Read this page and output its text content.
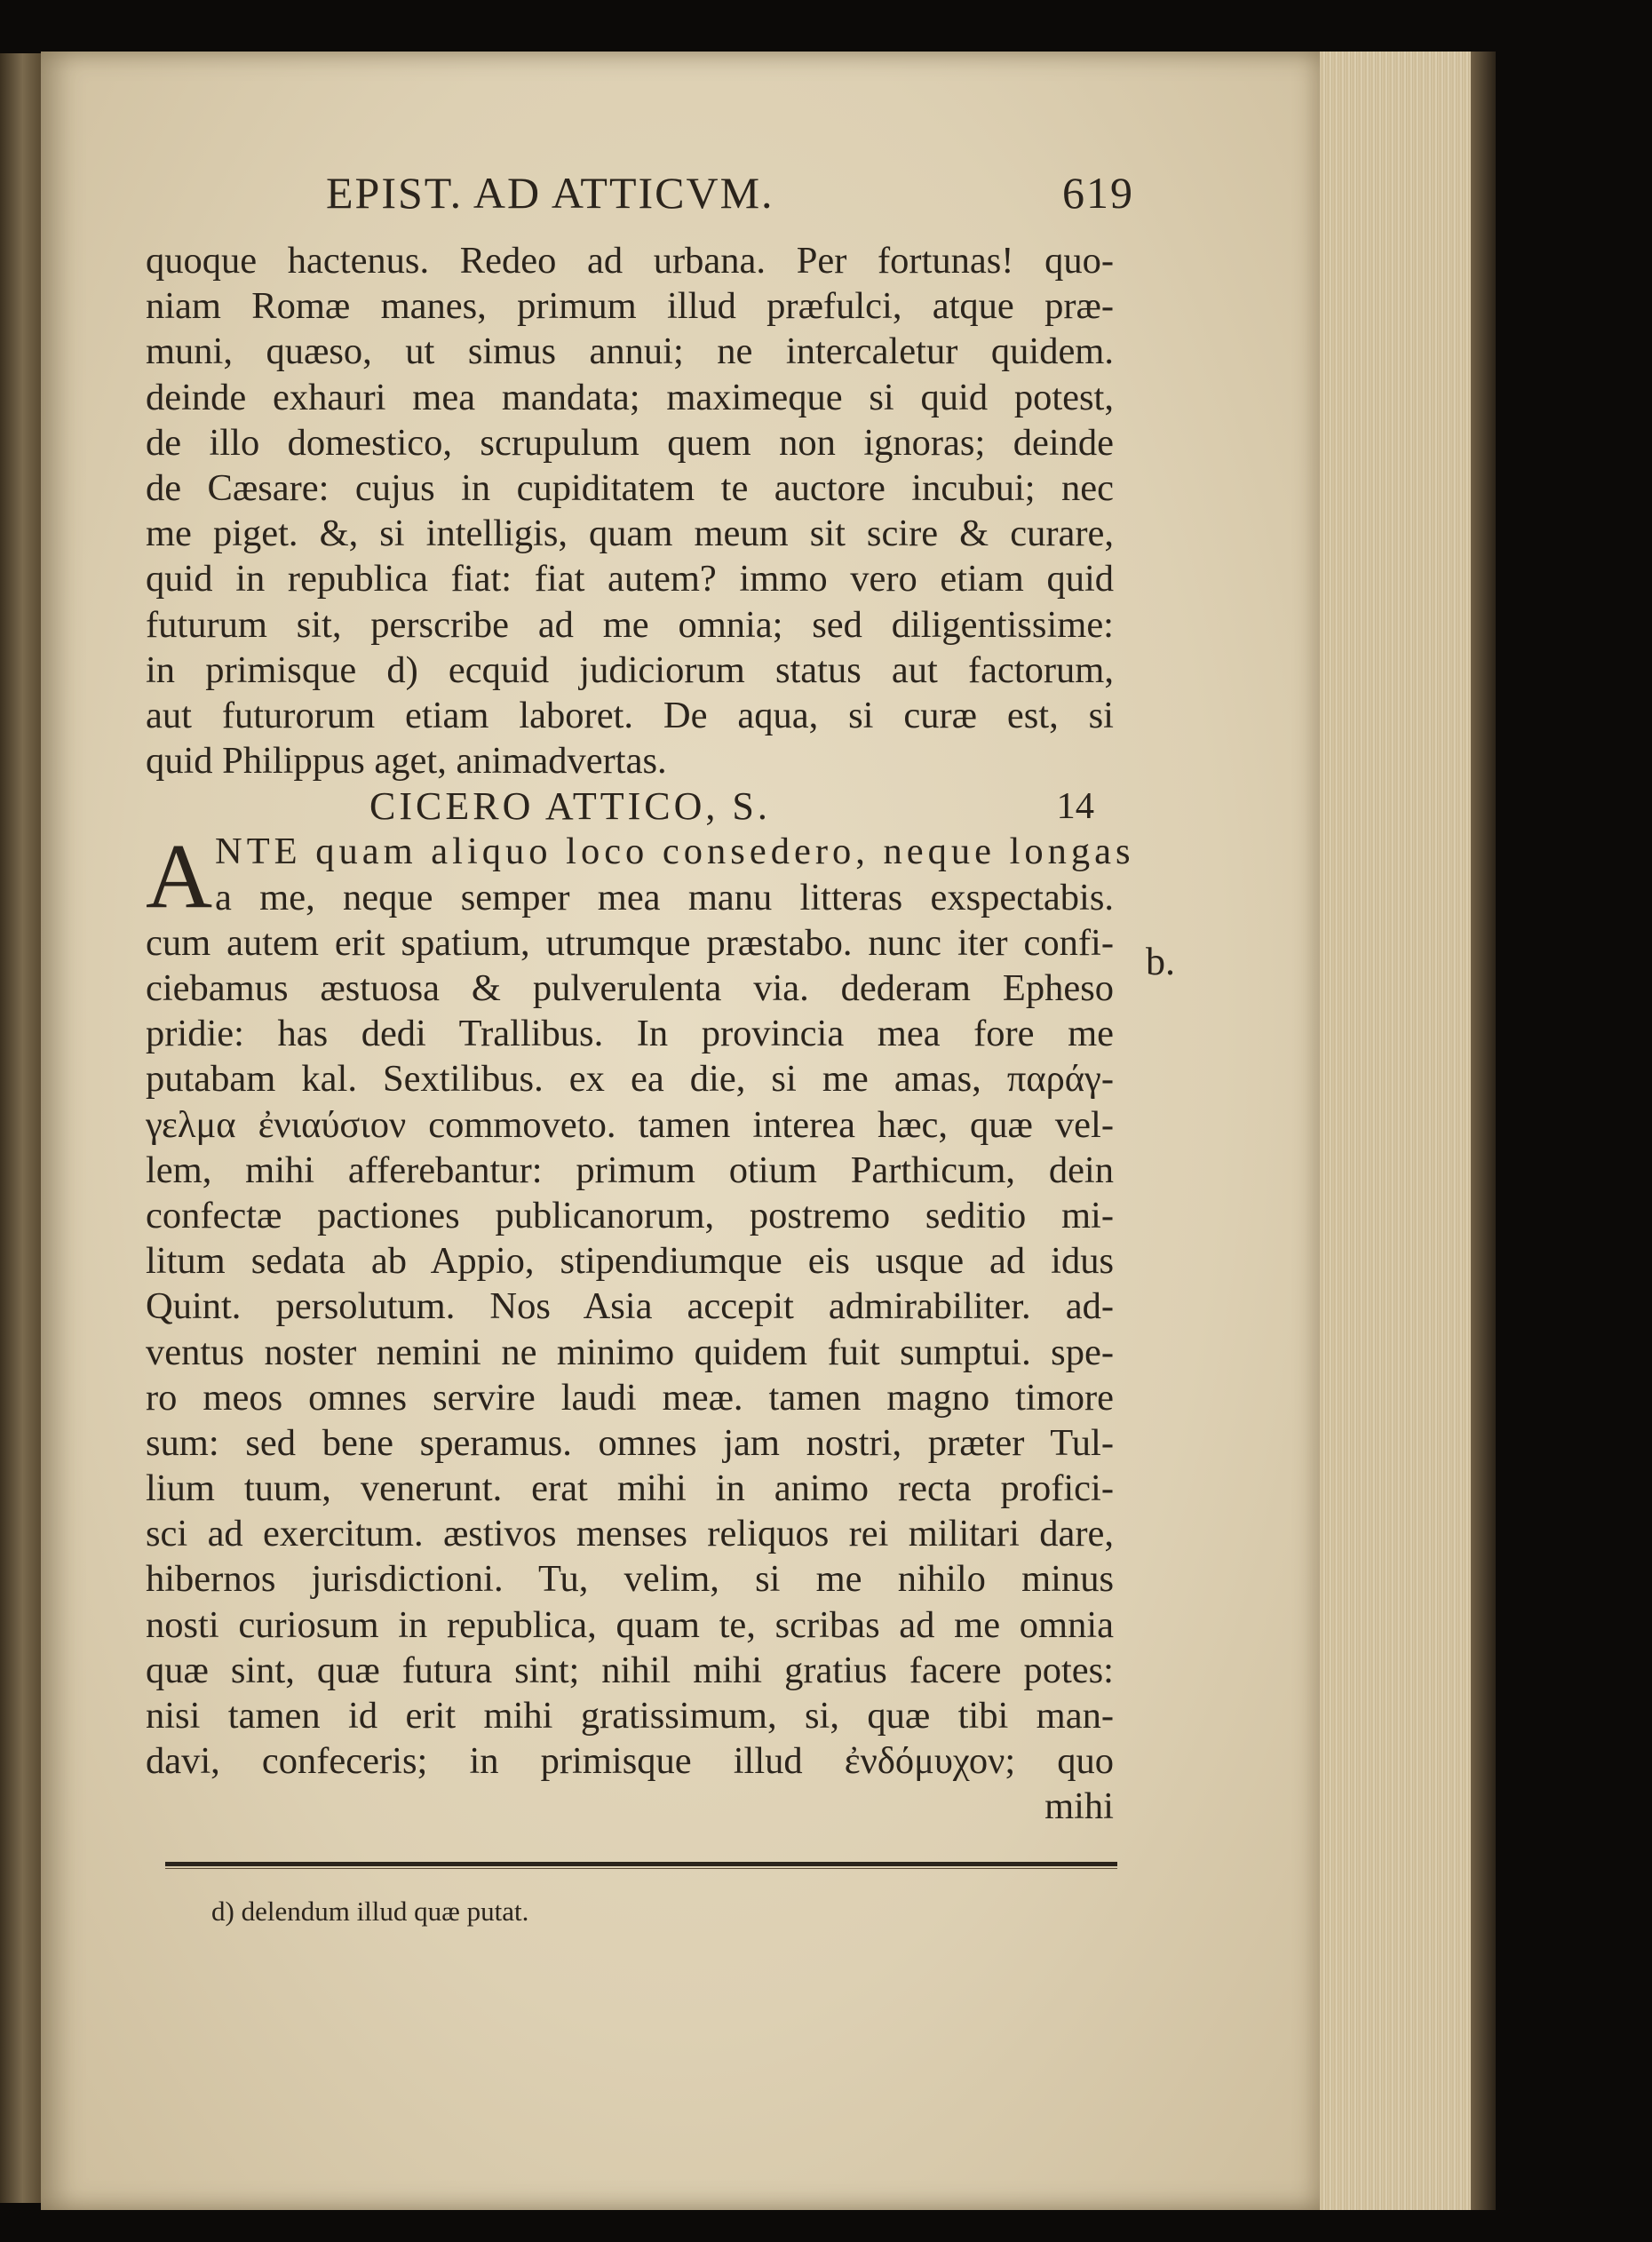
EPIST. AD ATTICVM.	619
quoque hactenus. Redeo ad urbana. Per fortunas! quo-
niam Romæ manes, primum illud præfulci, atque præ-
muni, quæso, ut simus annui; ne intercaletur quidem.
deinde exhauri mea mandata; maximeque si quid potest,
de illo domestico, scrupulum quem non ignoras; deinde
de Cæsare: cujus in cupiditatem te auctore incubui; nec
me piget. &, si intelligis, quam meum sit scire & curare,
quid in republica fiat: fiat autem? immo vero etiam quid
futurum sit, perscribe ad me omnia; sed diligentissime:
in primisque d) ecquid judiciorum status aut factorum,
aut futurorum etiam laboret. De aqua, si curæ est, si
quid Philippus aget, animadvertas.
CICERO ATTICO, S.	14
A
NTE quam aliquo loco consedero, neque longas
a me, neque semper mea manu litteras exspectabis.
cum autem erit spatium, utrumque præstabo. nunc iter confi-
ciebamus æstuosa & pulverulenta via. dederam Epheso
pridie: has dedi Trallibus. In provincia mea fore me
putabam kal. Sextilibus. ex ea die, si me amas, παράγ-
γελμα ἐνιαύσιον commoveto. tamen interea hæc, quæ vel-
lem, mihi afferebantur: primum otium Parthicum, dein
confectæ pactiones publicanorum, postremo seditio mi-
litum sedata ab Appio, stipendiumque eis usque ad idus
Quint. persolutum. Nos Asia accepit admirabiliter. ad-
ventus noster nemini ne minimo quidem fuit sumptui. spe-
ro meos omnes servire laudi meæ. tamen magno timore
sum: sed bene speramus. omnes jam nostri, præter Tul-
lium tuum, venerunt. erat mihi in animo recta profici-
sci ad exercitum. æstivos menses reliquos rei militari dare,
hibernos jurisdictioni. Tu, velim, si me nihilo minus
nosti curiosum in republica, quam te, scribas ad me omnia
quæ sint, quæ futura sint; nihil mihi gratius facere potes:
nisi tamen id erit mihi gratissimum, si, quæ tibi man-
davi, confeceris; in primisque illud ἐνδόμυχον; quo
mihi
b.
d) delendum illud quæ putat.
